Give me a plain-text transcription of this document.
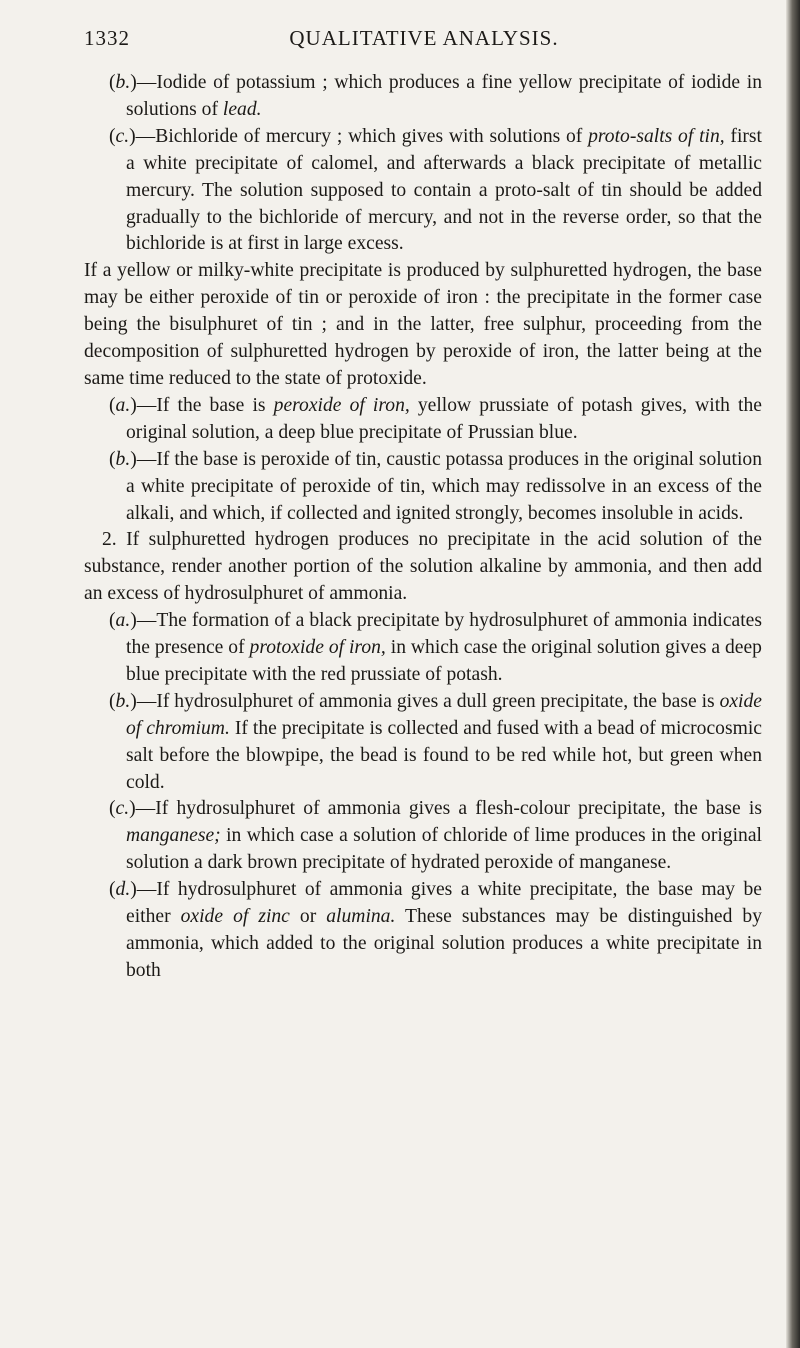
1332	QUALITATIVE ANALYSIS.

(b.)—Iodide of potassium ; which produces a fine yellow precipitate of iodide in solutions of lead.

(c.)—Bichloride of mercury ; which gives with solutions of proto-salts of tin, first a white precipitate of calomel, and afterwards a black precipitate of metallic mercury. The solution supposed to contain a proto-salt of tin should be added gradually to the bichloride of mercury, and not in the reverse order, so that the bichloride is at first in large excess.

If a yellow or milky-white precipitate is produced by sulphuretted hydrogen, the base may be either peroxide of tin or peroxide of iron : the precipitate in the former case being the bisulphuret of tin ; and in the latter, free sulphur, proceeding from the decomposition of sulphuretted hydrogen by peroxide of iron, the latter being at the same time reduced to the state of protoxide.

(a.)—If the base is peroxide of iron, yellow prussiate of potash gives, with the original solution, a deep blue precipitate of Prussian blue.

(b.)—If the base is peroxide of tin, caustic potassa produces in the original solution a white precipitate of peroxide of tin, which may redissolve in an excess of the alkali, and which, if collected and ignited strongly, becomes insoluble in acids.

2. If sulphuretted hydrogen produces no precipitate in the acid solution of the substance, render another portion of the solution alkaline by ammonia, and then add an excess of hydrosulphuret of ammonia.

(a.)—The formation of a black precipitate by hydrosulphuret of ammonia indicates the presence of protoxide of iron, in which case the original solution gives a deep blue precipitate with the red prussiate of potash.

(b.)—If hydrosulphuret of ammonia gives a dull green precipitate, the base is oxide of chromium. If the precipitate is collected and fused with a bead of microcosmic salt before the blowpipe, the bead is found to be red while hot, but green when cold.

(c.)—If hydrosulphuret of ammonia gives a flesh-colour precipitate, the base is manganese; in which case a solution of chloride of lime produces in the original solution a dark brown precipitate of hydrated peroxide of manganese.

(d.)—If hydrosulphuret of ammonia gives a white precipitate, the base may be either oxide of zinc or alumina. These substances may be distinguished by ammonia, which added to the original solution produces a white precipitate in both
